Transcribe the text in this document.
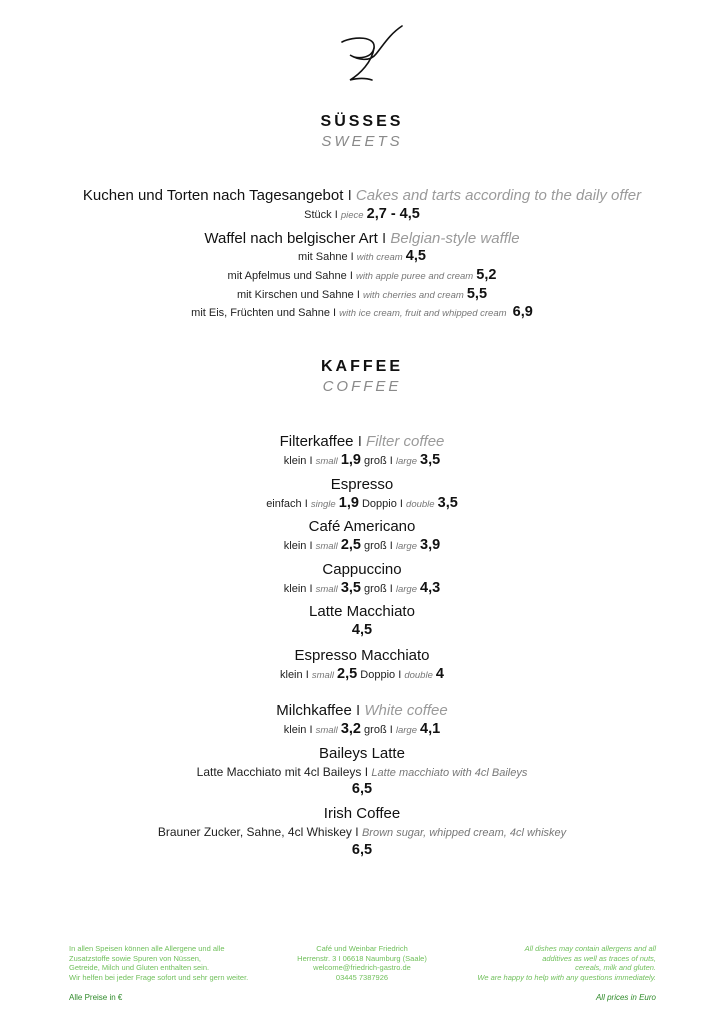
SÜSSES
SWEETS
Kuchen und Torten nach Tagesangebot I Cakes and tarts according to the daily offer
Stück I piece 2,7 - 4,5
Waffel nach belgischer Art I Belgian-style waffle
mit Sahne I with cream 4,5
mit Apfelmus und Sahne I with apple puree and cream 5,2
mit Kirschen und Sahne I with cherries and cream 5,5
mit Eis, Früchten und Sahne I with ice cream, fruit and whipped cream 6,9
KAFFEE
COFFEE
Filterkaffee I Filter coffee
klein I small 1,9 groß I large 3,5
Espresso
einfach I single 1,9 Doppio I double 3,5
Café Americano
klein I small 2,5 groß I large 3,9
Cappuccino
klein I small 3,5 groß I large 4,3
Latte Macchiato
4,5
Espresso Macchiato
klein I small 2,5 Doppio I double 4
Milchkaffee I White coffee
klein I small 3,2 groß I large 4,1
Baileys Latte
Latte Macchiato mit 4cl Baileys I Latte macchiato with 4cl Baileys
6,5
Irish Coffee
Brauner Zucker, Sahne, 4cl Whiskey I Brown sugar, whipped cream, 4cl whiskey
6,5
In allen Speisen können alle Allergene und alle
Zusatzstoffe sowie Spuren von Nüssen,
Getreide, Milch und Gluten enthalten sein.
Wir helfen bei jeder Frage sofort und sehr gern weiter.
Café und Weinbar Friedrich
Herrenstr. 3 I 06618 Naumburg (Saale)
welcome@friedrich-gastro.de
03445 7387926
All dishes may contain allergens and all
additives as well as traces of nuts,
cereals, milk and gluten.
We are happy to help with any questions immediately.
Alle Preise in €	All prices in Euro
